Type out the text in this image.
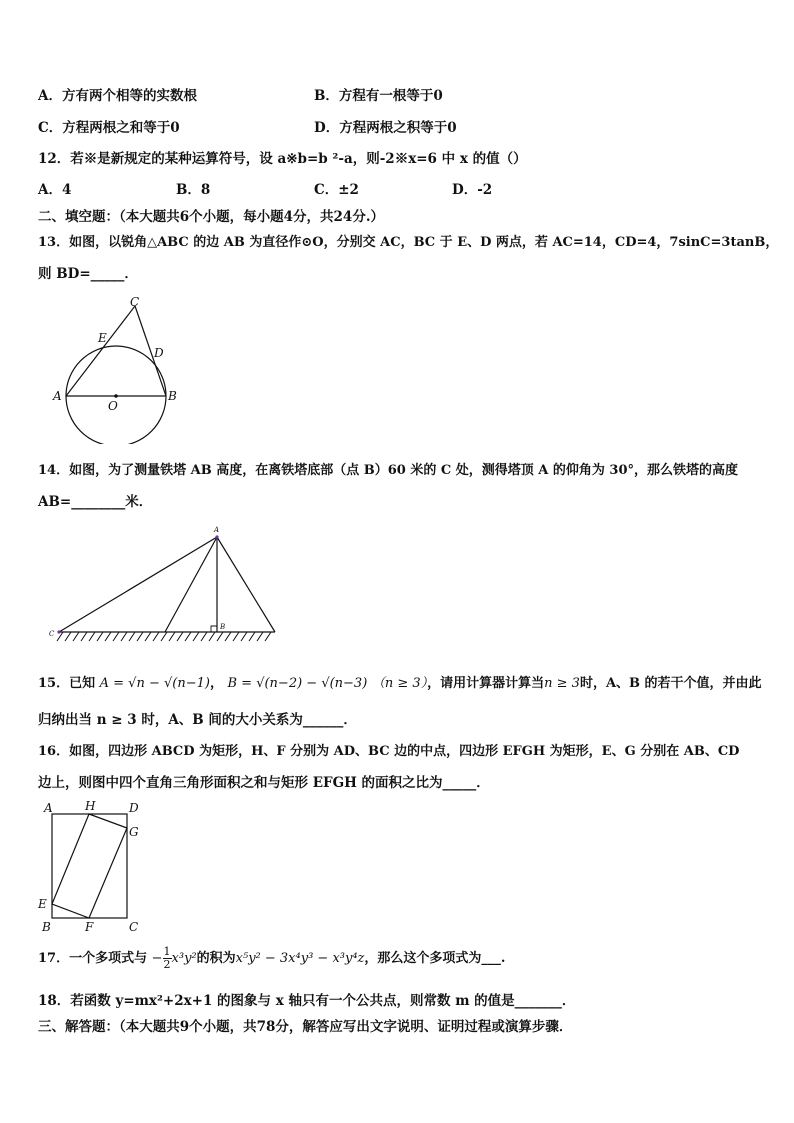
A．方有两个相等的实数根	B．方程有一根等于0
C．方程两根之和等于0	D．方程两根之积等于0
12．若※是新规定的某种运算符号，设 a※b=b ²-a，则-2※x=6 中 x 的值（）
A．4	B．8	C．±2	D．-2
二、填空题：（本大题共6个小题，每小题4分，共24分.）
13．如图，以锐角△ABC 的边 AB 为直径作⊙O，分别交 AC，BC 于 E、D 两点，若 AC=14，CD=4，7sinC=3tanB，
则 BD=_____．
C
E
D
A	B
O
14．如图，为了测量铁塔 AB 高度，在离铁塔底部（点 B）60 米的 C 处，测得塔顶 A 的仰角为 30°，那么铁塔的高度
AB=________米．
A
B
C
15．已知 A = √n − √(n−1)， B = √(n−2) − √(n−3) （n ≥ 3），请用计算器计算当n ≥ 3时，A、B 的若干个值，并由此
归纳出当 n ≥ 3 时，A、B 间的大小关系为______．
16．如图，四边形 ABCD 为矩形，H、F 分别为 AD、BC 边的中点，四边形 EFGH 为矩形，E、G 分别在 AB、CD
边上，则图中四个直角三角形面积之和与矩形 EFGH 的面积之比为_____．
A	H	D
G
E
B	F	C
17．一个多项式与 − $\frac{1}{2} x^3y^2$的积为x⁵y² − 3x⁴y³ − x³y⁴z，那么这个多项式为___.
18．若函数 y=mx²+2x+1 的图象与 x 轴只有一个公共点，则常数 m 的值是_______．
三、解答题：（本大题共9个小题，共78分，解答应写出文字说明、证明过程或演算步骤．
